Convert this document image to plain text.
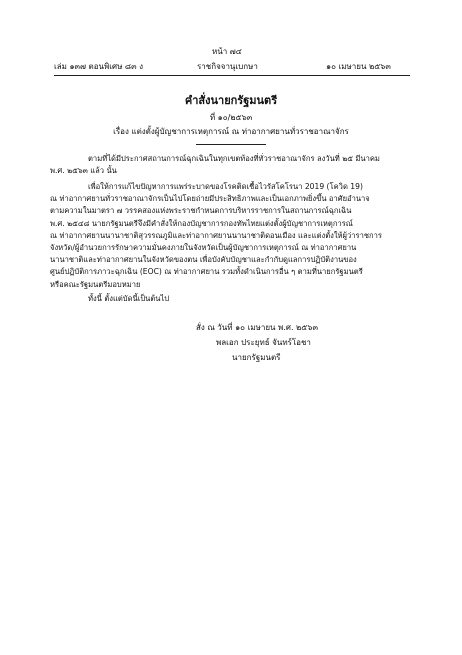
หน้า ๗๔
เล่ม ๑๓๗ ตอนพิเศษ ๘๓ ง	ราชกิจจานุเบกษา	๑๐ เมษายน ๒๕๖๓
คำสั่งนายกรัฐมนตรี
ที่ ๑๐/๒๕๖๓
เรื่อง แต่งตั้งผู้บัญชาการเหตุการณ์ ณ ท่าอากาศยานทั่วราชอาณาจักร
ตามที่ได้มีประกาศสถานการณ์ฉุกเฉินในทุกเขตท้องที่ทั่วราชอาณาจักร ลงวันที่ ๒๕ มีนาคม
พ.ศ. ๒๕๖๓ แล้ว นั้น
เพื่อให้การแก้ไขปัญหาการแพร่ระบาดของโรคติดเชื้อไวรัสโคโรนา 2019 (โควิด 19)
ณ ท่าอากาศยานทั่วราชอาณาจักรเป็นไปโดยถ่ายมีประสิทธิภาพและเป็นเอกภาพยิ่งขึ้น อาศัยอำนาจ
ตามความในมาตรา ๗ วรรคสองแห่งพระราชกำหนดการบริหารราชการในสถานการณ์ฉุกเฉิน
พ.ศ. ๒๕๔๘ นายกรัฐมนตรีจึงมีคำสั่งให้กองบัญชาการกองทัพไทยแต่งตั้งผู้บัญชาการเหตุการณ์
ณ ท่าอากาศยานนานาชาติสุวรรณภูมิและท่าอากาศยานนานาชาติดอนเมือง และแต่งตั้งให้ผู้ว่าราชการ
จังหวัด/ผู้อำนวยการรักษาความมั่นคงภายในจังหวัดเป็นผู้บัญชาการเหตุการณ์ ณ ท่าอากาศยาน
นานาชาติและท่าอากาศยานในจังหวัดของตน เพื่อบังคับบัญชาและกำกับดูแลการปฏิบัติงานของ
ศูนย์ปฏิบัติการภาวะฉุกเฉิน (EOC) ณ ท่าอากาศยาน รวมทั้งดำเนินการอื่น ๆ ตามที่นายกรัฐมนตรี
หรือคณะรัฐมนตรีมอบหมาย
ทั้งนี้ ตั้งแต่บัดนี้เป็นต้นไป
สั่ง ณ วันที่ ๑๐ เมษายน พ.ศ. ๒๕๖๓
พลเอก ประยุทธ์ จันทร์โอชา
นายกรัฐมนตรี
